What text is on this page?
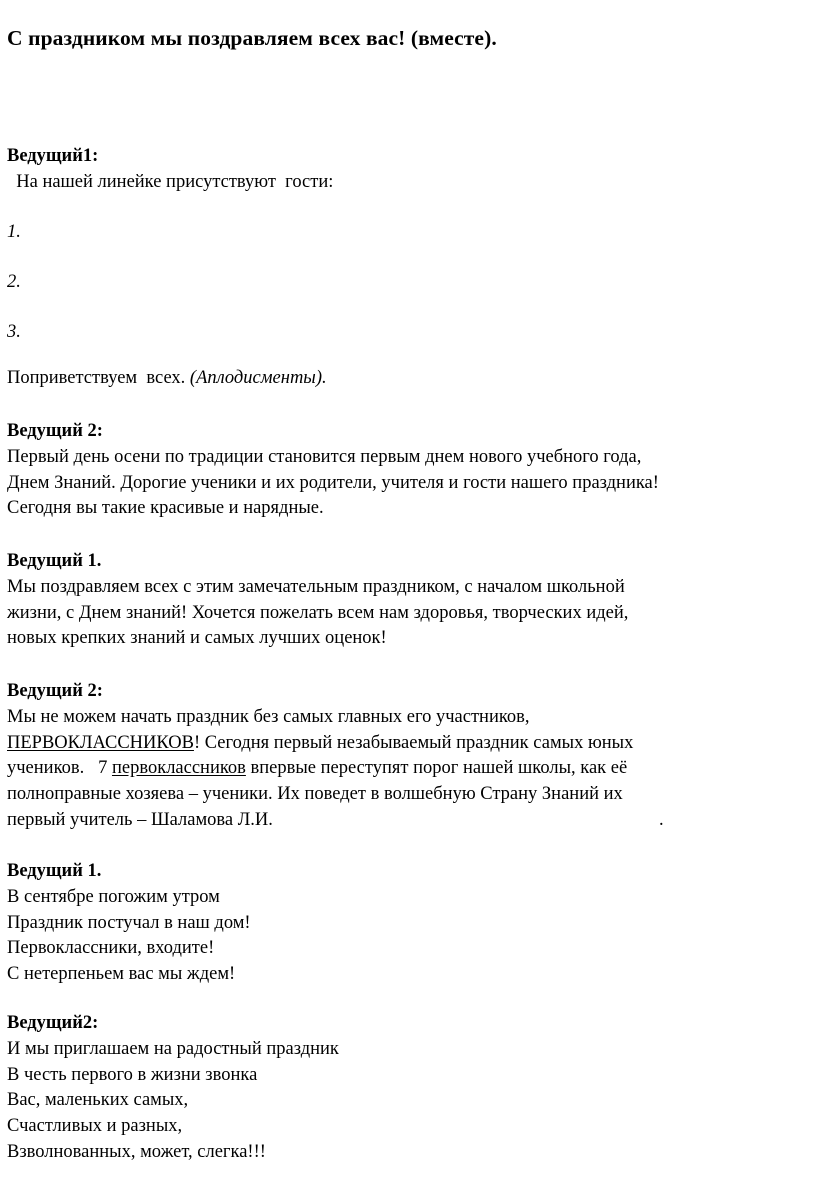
С праздником мы поздравляем всех вас! (вместе).
Ведущий1:
На нашей линейке присутствуют  гости:
1.
2.
3.
Поприветствуем  всех. (Аплодисменты).
Ведущий 2:
Первый день осени по традиции становится первым днем нового учебного года,
Днем Знаний. Дорогие ученики и их родители, учителя и гости нашего праздника!
Сегодня вы такие красивые и нарядные.
Ведущий 1.
Мы поздравляем всех с этим замечательным праздником, с началом школьной
жизни, с Днем знаний! Хочется пожелать всем нам здоровья, творческих идей,
новых крепких знаний и самых лучших оценок!
Ведущий 2:
Мы не можем начать праздник без самых главных его участников,
ПЕРВОКЛАССНИКОВ! Сегодня первый незабываемый праздник самых юных
учеников.   7 первоклассников впервые переступят порог нашей школы, как её
полноправные хозяева – ученики. Их поведет в волшебную Страну Знаний их
первый учитель – Шаламова Л.И.	.
Ведущий 1.
В сентябре погожим утром
Праздник постучал в наш дом!
Первоклассники, входите!
С нетерпеньем вас мы ждем!
Ведущий2:
И мы приглашаем на радостный праздник
В честь первого в жизни звонка
Вас, маленьких самых,
Счастливых и разных,
Взволнованных, может, слегка!!!
